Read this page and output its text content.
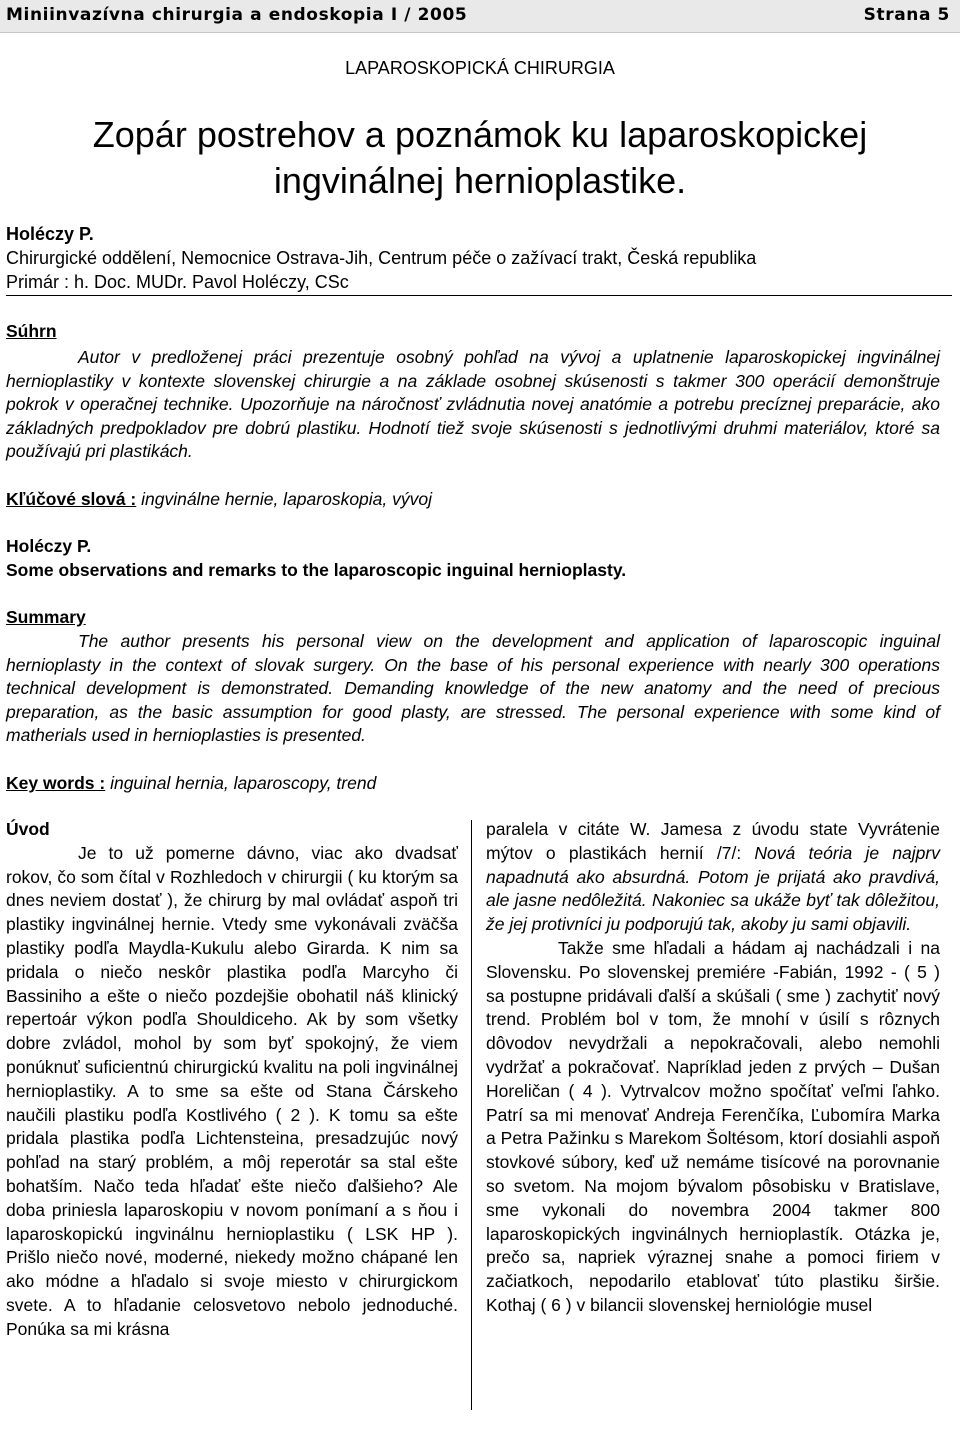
Miniinvazívna chirurgia a endoskopia I / 2005	Strana 5
LAPAROSKOPICKÁ CHIRURGIA
Zopár postrehov a poznámok ku laparoskopickej ingvinálnej hernioplastike.
Holéczy P.
Chirurgické oddělení, Nemocnice Ostrava-Jih, Centrum péče o zažívací trakt, Česká republika
Primár : h. Doc. MUDr. Pavol Holéczy, CSc
Súhrn

Autor v predloženej práci prezentuje osobný pohľad na vývoj a uplatnenie laparoskopickej ingvinálnej hernioplastiky v kontexte slovenskej chirurgie a na základe osobnej skúsenosti s takmer 300 operácií demonštruje pokrok v operačnej technike. Upozorňuje na náročnosť zvládnutia novej anatómie a potrebu precíznej preparácie, ako základných predpokladov pre dobrú plastiku. Hodnotí tiež svoje skúsenosti s jednotlivými druhmi materiálov, ktoré sa používajú pri plastikách.

Kľúčové slová : ingvinálne hernie, laparoskopia, vývoj
Holéczy P.
Some observations and remarks to the laparoscopic inguinal hernioplasty.
Summary

The author presents his personal view on the development and application of laparoscopic inguinal hernioplasty in the context of slovak surgery. On the base of his personal experience with nearly 300 operations technical development is demonstrated. Demanding knowledge of the new anatomy and the need of precious preparation, as the basic assumption for good plasty, are stressed. The personal experience with some kind of matherials used in hernioplasties is presented.

Key words : inguinal hernia, laparoscopy, trend
Úvod

Je to už pomerne dávno, viac ako dvadsať rokov, čo som čítal v Rozhledoch v chirurgii ( ku ktorým sa dnes neviem dostať ), že chirurg by mal ovládať aspoň tri plastiky ingvinálnej hernie. Vtedy sme vykonávali zväčša plastiky podľa Maydla-Kukulu alebo Girarda. K nim sa pridala o niečo neskôr plastika podľa Marcyho či Bassiniho a ešte o niečo pozdejšie obohatil náš klinický repertoár výkon podľa Shouldiceho. Ak by som všetky dobre zvládol, mohol by som byť spokojný, že viem ponúknuť suficientnú chirurgickú kvalitu na poli ingvinálnej hernioplastiky. A to sme sa ešte od Stana Čárskeho naučili plastiku podľa Kostlivého ( 2 ). K tomu sa ešte pridala plastika podľa Lichtensteina, presadzujúc nový pohľad na starý problém, a môj reperotár sa stal ešte bohatším. Načo teda hľadať ešte niečo ďalšieho? Ale doba priniesla laparoskopiu v novom ponímaní a s ňou i laparoskopickú ingvinálnu hernioplastiku ( LSK HP ). Prišlo niečo nové, moderné, niekedy možno chápané len ako módne a hľadalo si svoje miesto v chirurgickom svete. A to hľadanie celosvetovo nebolo jednoduché. Ponúka sa mi krásna

paralela v citáte W. Jamesa z úvodu state Vyvrátenie mýtov o plastikách hernií /7/: Nová teória je najprv napadnutá ako absurdná. Potom je prijatá ako pravdivá, ale jasne nedôležitá. Nakoniec sa ukáže byť tak dôležitou, že jej protivníci ju podporujú tak, akoby ju sami objavili.

Takže sme hľadali a hádam aj nachádzali i na Slovensku. Po slovenskej premiére -Fabián, 1992 - ( 5 ) sa postupne pridávali ďalší a skúšali ( sme ) zachytiť nový trend. Problém bol v tom, že mnohí v úsilí s rôznych dôvodov nevydržali a nepokračovali, alebo nemohli vydržať a pokračovať. Napríklad jeden z prvých – Dušan Horeličan ( 4 ). Vytrvalcov možno spočítať veľmi ľahko. Patrí sa mi menovať Andreja Ferenčíka, Ľubomíra Marka a Petra Pažinku s Marekom Šoltésom, ktorí dosiahli aspoň stovkové súbory, keď už nemáme tisícové na porovnanie so svetom. Na mojom bývalom pôsobisku v Bratislave, sme vykonali do novembra 2004 takmer 800 laparoskopických ingvinálnych hernioplastík. Otázka je, prečo sa, napriek výraznej snahe a pomoci firiem v začiatkoch, nepodarilo etablovať túto plastiku širšie. Kothaj ( 6 ) v bilancii slovenskej herniológie musel
